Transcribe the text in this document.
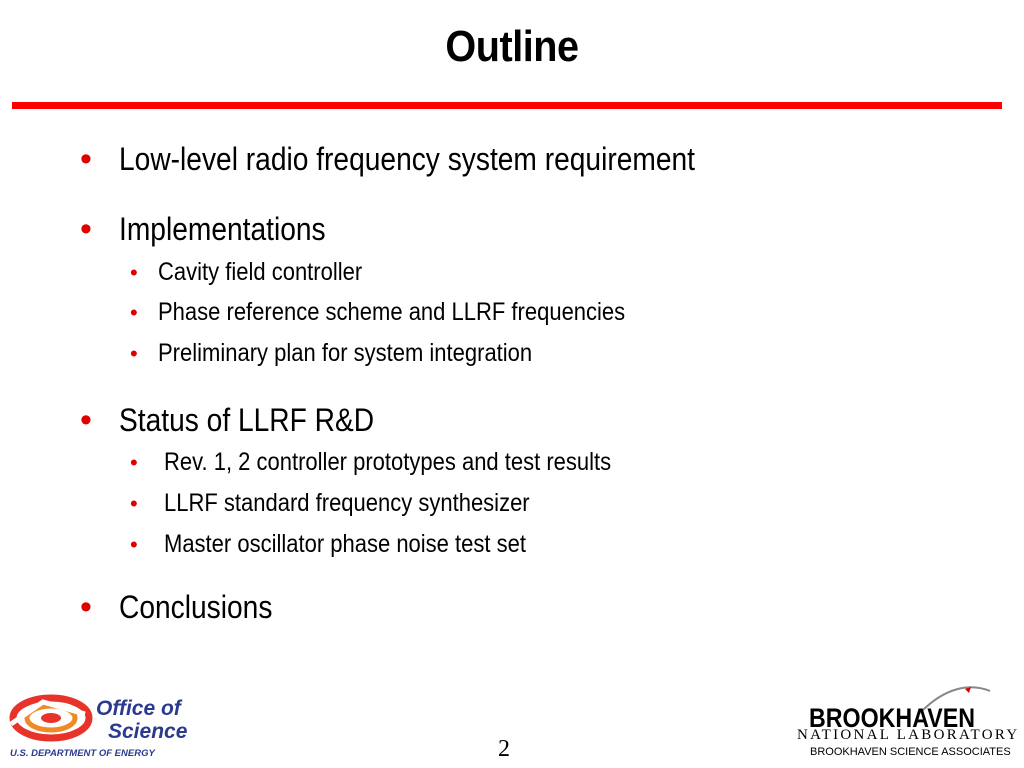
Outline
• Low-level radio frequency system requirement
• Implementations
• Cavity field controller
• Phase reference scheme and LLRF frequencies
• Preliminary plan for system integration
• Status of LLRF R&D
• Rev. 1, 2 controller prototypes and test results
• LLRF standard frequency synthesizer
• Master oscillator phase noise test set
• Conclusions
Office of
Science
U.S. DEPARTMENT OF ENERGY	2
BROOKHAVEN
NATIONAL LABORATORY
BROOKHAVEN SCIENCE ASSOCIATES
